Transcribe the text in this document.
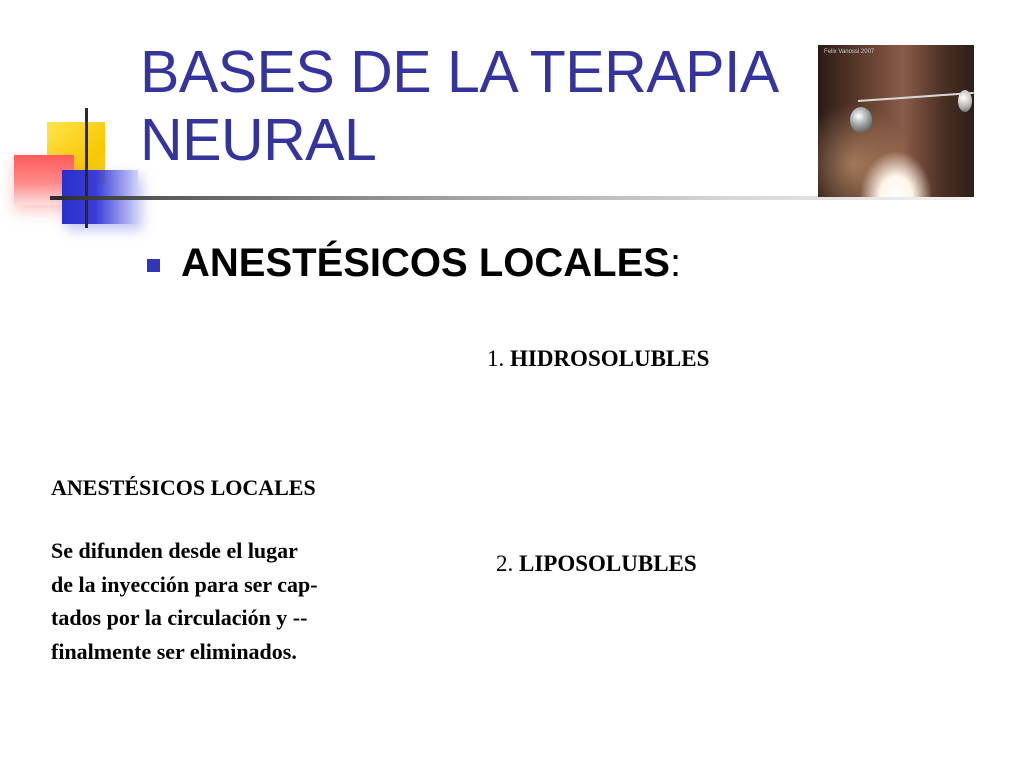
BASES DE LA TERAPIA
NEURAL
Felix Vanossi 2007

ANESTÉSICOS LOCALES:

1. HIDROSOLUBLES
2. LIPOSOLUBLES
ANESTÉSICOS LOCALES
Se difunden desde el lugar
de la inyección para ser cap-
tados por la circulación y --
finalmente ser eliminados.
